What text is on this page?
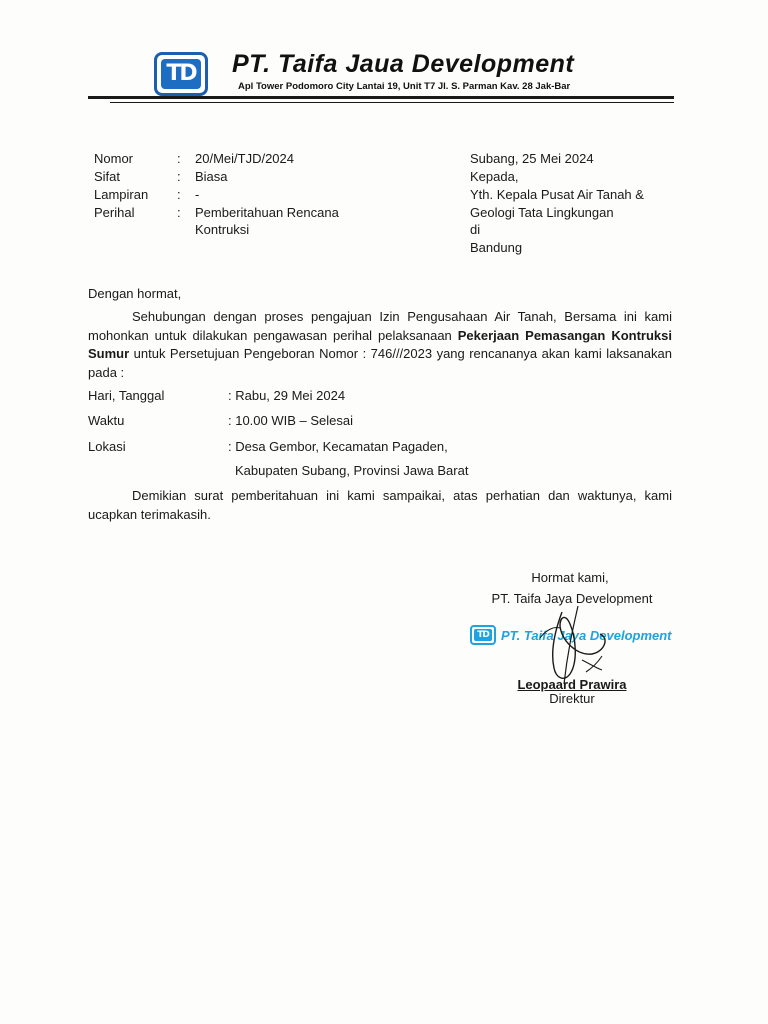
TD PT. Taifa Jaua Development
Apl Tower Podomoro City Lantai 19, Unit T7 Jl. S. Parman Kav. 28 Jak-Bar
Nomor	: 20/Mei/TJD/2024
Sifat	: Biasa
Lampiran : -
Perihal	: Pemberitahuan Rencana
Kontruksi
Subang, 25 Mei 2024
Kepada,
Yth. Kepala Pusat Air Tanah &
Geologi Tata Lingkungan
di
Bandung
Dengan hormat,

Sehubungan dengan proses pengajuan Izin Pengusahaan Air Tanah, Bersama ini kami mohonkan untuk dilakukan pengawasan perihal pelaksanaan Pekerjaan Pemasangan Kontruksi Sumur untuk Persetujuan Pengeboran Nomor : 746///2023 yang rencananya akan kami laksanakan pada :

Hari, Tanggal	: Rabu, 29 Mei 2024
Waktu	: 10.00 WIB – Selesai
Lokasi	: Desa Gembor, Kecamatan Pagaden,
Kabupaten Subang, Provinsi Jawa Barat

Demikian surat pemberitahuan ini kami sampaikai, atas perhatian dan waktunya, kami ucapkan terimakasih.

Hormat kami,
PT. Taifa Jaya Development
TD PT. Taifa Jaya Development
Leopaard Prawira
Direktur
